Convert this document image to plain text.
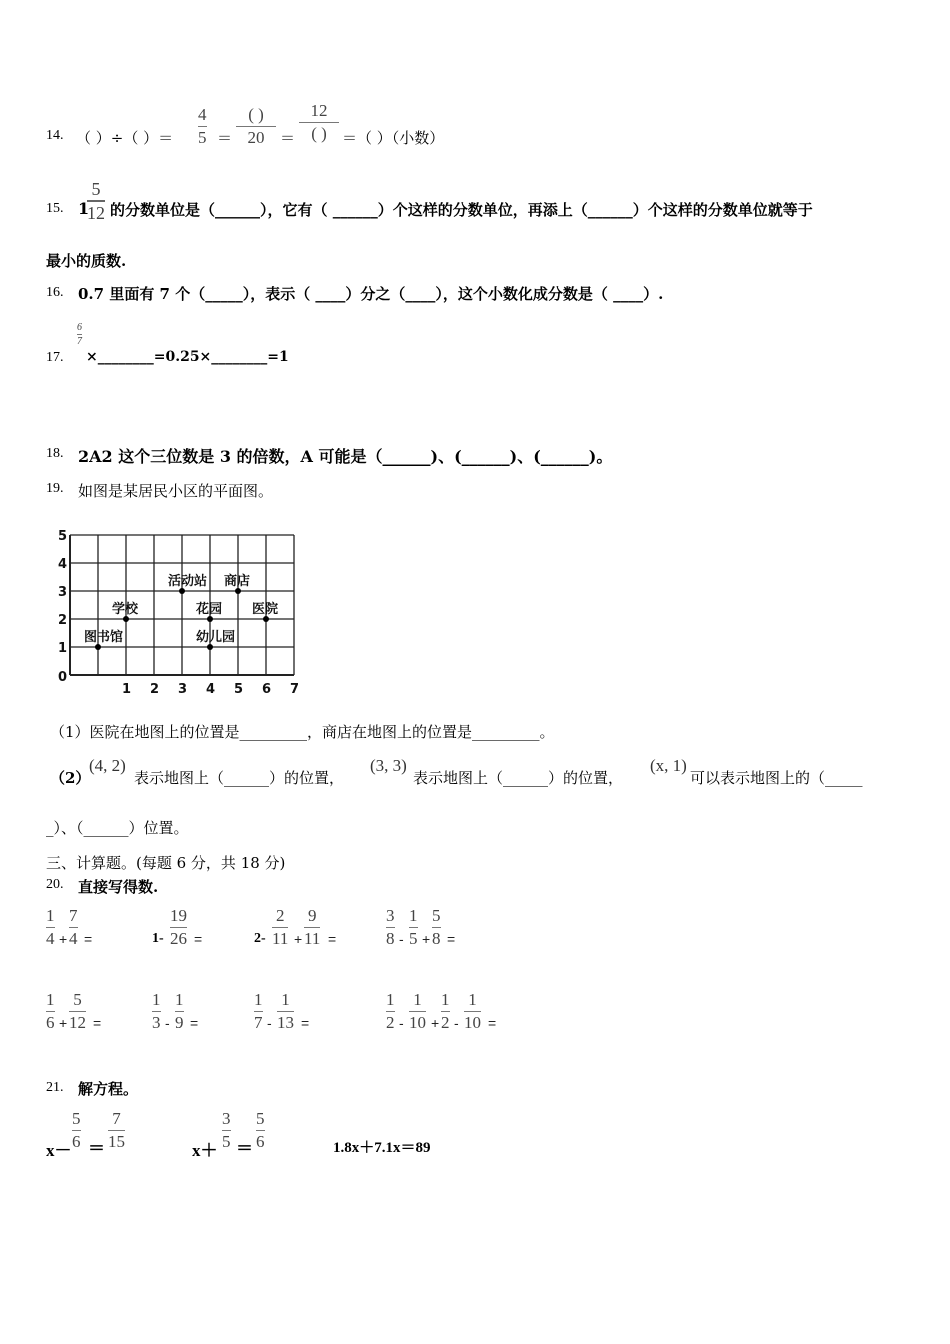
14. （ ）÷（ ）＝
4
5 ＝
( )
20 ＝
12
( ) ＝（ ）（小数）
15. 1
5
12 的分数单位是（______），它有（ ______）个这样的分数单位，再添上（______）个这样的分数单位就等于
最小的质数.
16. 0.7 里面有 7 个（_____），表示（ ____）分之（____），这个小数化成分数是（ ____）.
17.
6
7
×________=0.25×________=1
18. 2A2 这个三位数是 3 的倍数，A 可能是（______)、(______)、(______)。
19. 如图是某居民小区的平面图。
0
1 2 3 4 5 6 7
1
2
3
4
5
图书馆
学校
活动站 商店
花园
幼儿园
医院
（1）医院在地图上的位置是_________，商店在地图上的位置是_________。
（2）
(4, 2)
表示地图上（______）的位置，
(3, 3)
表示地图上（______）的位置，
(x, 1)
可以表示地图上的（_____
_）、（______）位置。
三、计算题。(每题 6 分，共 18 分)
20. 直接写得数.
1
4 +
7
4 =	1-
19
26 =	2-
2
11 +
9
11 =
3
8 -
1
5 +
5
8 =
1
6 +
5
12 =
1
3 -
1
9 =
1
7 -
1
13 =
1
2 -
1
10 +
1
2 -
1
10 =
21. 解方程。
x－
5
6 ＝
7
15	x＋
3
5 ＝
5
6	1.8x＋7.1x＝89
